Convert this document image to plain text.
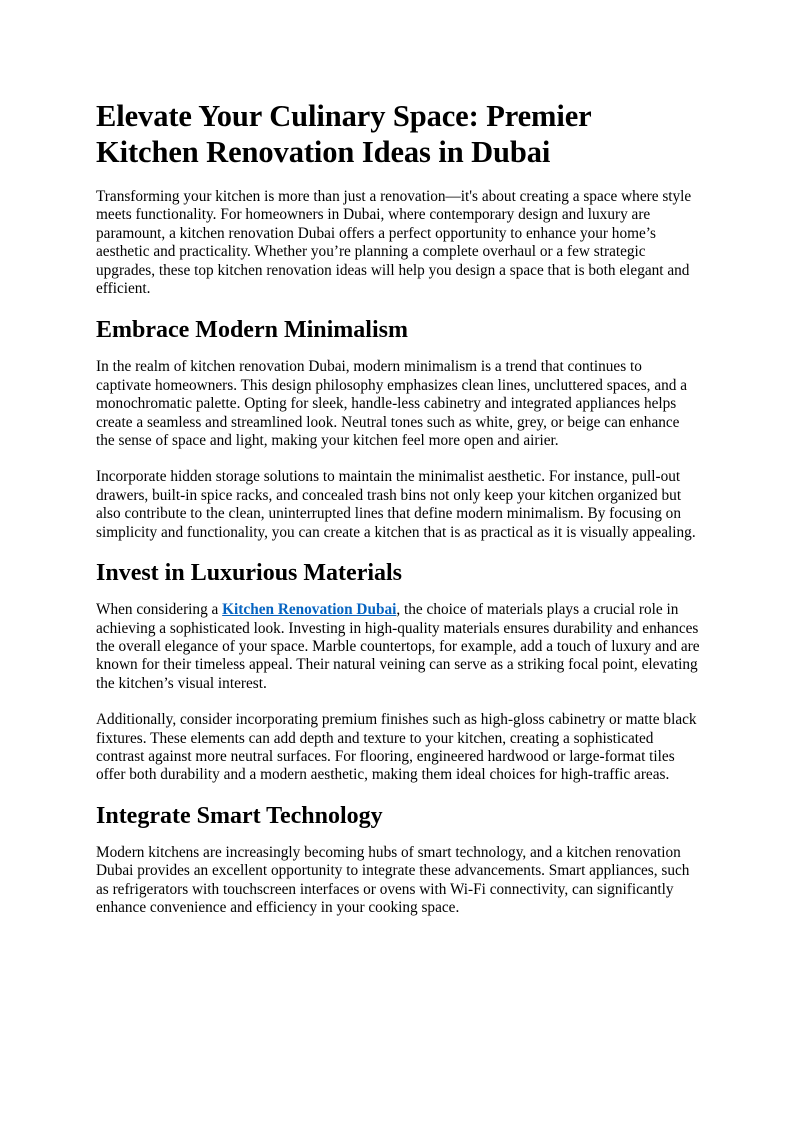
Elevate Your Culinary Space: Premier Kitchen Renovation Ideas in Dubai

Transforming your kitchen is more than just a renovation—it's about creating a space where style meets functionality. For homeowners in Dubai, where contemporary design and luxury are paramount, a kitchen renovation Dubai offers a perfect opportunity to enhance your home’s aesthetic and practicality. Whether you’re planning a complete overhaul or a few strategic upgrades, these top kitchen renovation ideas will help you design a space that is both elegant and efficient.

Embrace Modern Minimalism

In the realm of kitchen renovation Dubai, modern minimalism is a trend that continues to captivate homeowners. This design philosophy emphasizes clean lines, uncluttered spaces, and a monochromatic palette. Opting for sleek, handle-less cabinetry and integrated appliances helps create a seamless and streamlined look. Neutral tones such as white, grey, or beige can enhance the sense of space and light, making your kitchen feel more open and airier.

Incorporate hidden storage solutions to maintain the minimalist aesthetic. For instance, pull-out drawers, built-in spice racks, and concealed trash bins not only keep your kitchen organized but also contribute to the clean, uninterrupted lines that define modern minimalism. By focusing on simplicity and functionality, you can create a kitchen that is as practical as it is visually appealing.

Invest in Luxurious Materials

When considering a Kitchen Renovation Dubai, the choice of materials plays a crucial role in achieving a sophisticated look. Investing in high-quality materials ensures durability and enhances the overall elegance of your space. Marble countertops, for example, add a touch of luxury and are known for their timeless appeal. Their natural veining can serve as a striking focal point, elevating the kitchen’s visual interest.

Additionally, consider incorporating premium finishes such as high-gloss cabinetry or matte black fixtures. These elements can add depth and texture to your kitchen, creating a sophisticated contrast against more neutral surfaces. For flooring, engineered hardwood or large-format tiles offer both durability and a modern aesthetic, making them ideal choices for high-traffic areas.

Integrate Smart Technology

Modern kitchens are increasingly becoming hubs of smart technology, and a kitchen renovation Dubai provides an excellent opportunity to integrate these advancements. Smart appliances, such as refrigerators with touchscreen interfaces or ovens with Wi-Fi connectivity, can significantly enhance convenience and efficiency in your cooking space.
